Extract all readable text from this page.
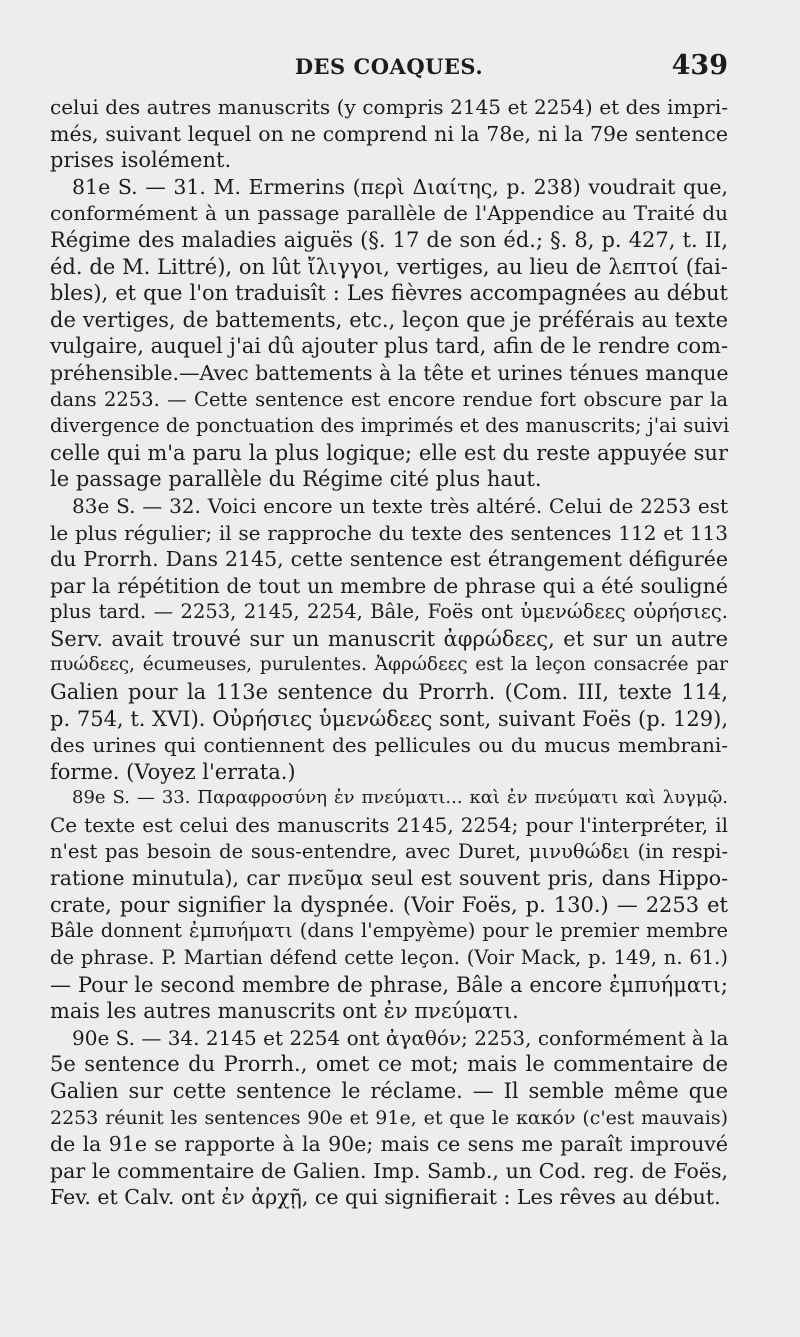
DES COAQUES.	439
celui des autres manuscrits (y compris 2145 et 2254) et des impri-
més, suivant lequel on ne comprend ni la 78e, ni la 79e sentence
prises isolément.
81e S. — 31. M. Ermerins (περὶ Διαίτης, p. 238) voudrait que,
conformément à un passage parallèle de l'Appendice au Traité du
Régime des maladies aiguës (§. 17 de son éd.; §. 8, p. 427, t. II,
éd. de M. Littré), on lût ἴλιγγοι, vertiges, au lieu de λεπτοί (fai-
bles), et que l'on traduisît : Les fièvres accompagnées au début
de vertiges, de battements, etc., leçon que je préférais au texte
vulgaire, auquel j'ai dû ajouter plus tard, afin de le rendre com-
préhensible.—Avec battements à la tête et urines ténues manque
dans 2253. — Cette sentence est encore rendue fort obscure par la
divergence de ponctuation des imprimés et des manuscrits; j'ai suivi
celle qui m'a paru la plus logique; elle est du reste appuyée sur
le passage parallèle du Régime cité plus haut.
83e S. — 32. Voici encore un texte très altéré. Celui de 2253 est
le plus régulier; il se rapproche du texte des sentences 112 et 113
du Prorrh. Dans 2145, cette sentence est étrangement défigurée
par la répétition de tout un membre de phrase qui a été souligné
plus tard. — 2253, 2145, 2254, Bâle, Foës ont ὑμενώδεες οὐρήσιες.
Serv. avait trouvé sur un manuscrit ἀφρώδεες, et sur un autre
πυώδεες, écumeuses, purulentes. Ἀφρώδεες est la leçon consacrée par
Galien pour la 113e sentence du Prorrh. (Com. III, texte 114,
p. 754, t. XVI). Οὐρήσιες ὑμενώδεες sont, suivant Foës (p. 129),
des urines qui contiennent des pellicules ou du mucus membrani-
forme. (Voyez l'errata.)
89e S. — 33. Παραφροσύνη ἐν πνεύματι... καὶ ἐν πνεύματι καὶ λυγμῷ.
Ce texte est celui des manuscrits 2145, 2254; pour l'interpréter, il
n'est pas besoin de sous-entendre, avec Duret, μινυθώδει (in respi-
ratione minutula), car πνεῦμα seul est souvent pris, dans Hippo-
crate, pour signifier la dyspnée. (Voir Foës, p. 130.) — 2253 et
Bâle donnent ἐμπυήματι (dans l'empyème) pour le premier membre
de phrase. P. Martian défend cette leçon. (Voir Mack, p. 149, n. 61.)
— Pour le second membre de phrase, Bâle a encore ἐμπυήματι;
mais les autres manuscrits ont ἐν πνεύματι.
90e S. — 34. 2145 et 2254 ont ἀγαθόν; 2253, conformément à la
5e sentence du Prorrh., omet ce mot; mais le commentaire de
Galien sur cette sentence le réclame. — Il semble même que
2253 réunit les sentences 90e et 91e, et que le κακόν (c'est mauvais)
de la 91e se rapporte à la 90e; mais ce sens me paraît improuvé
par le commentaire de Galien. Imp. Samb., un Cod. reg. de Foës,
Fev. et Calv. ont ἐν ἀρχῇ, ce qui signifierait : Les rêves au début.
